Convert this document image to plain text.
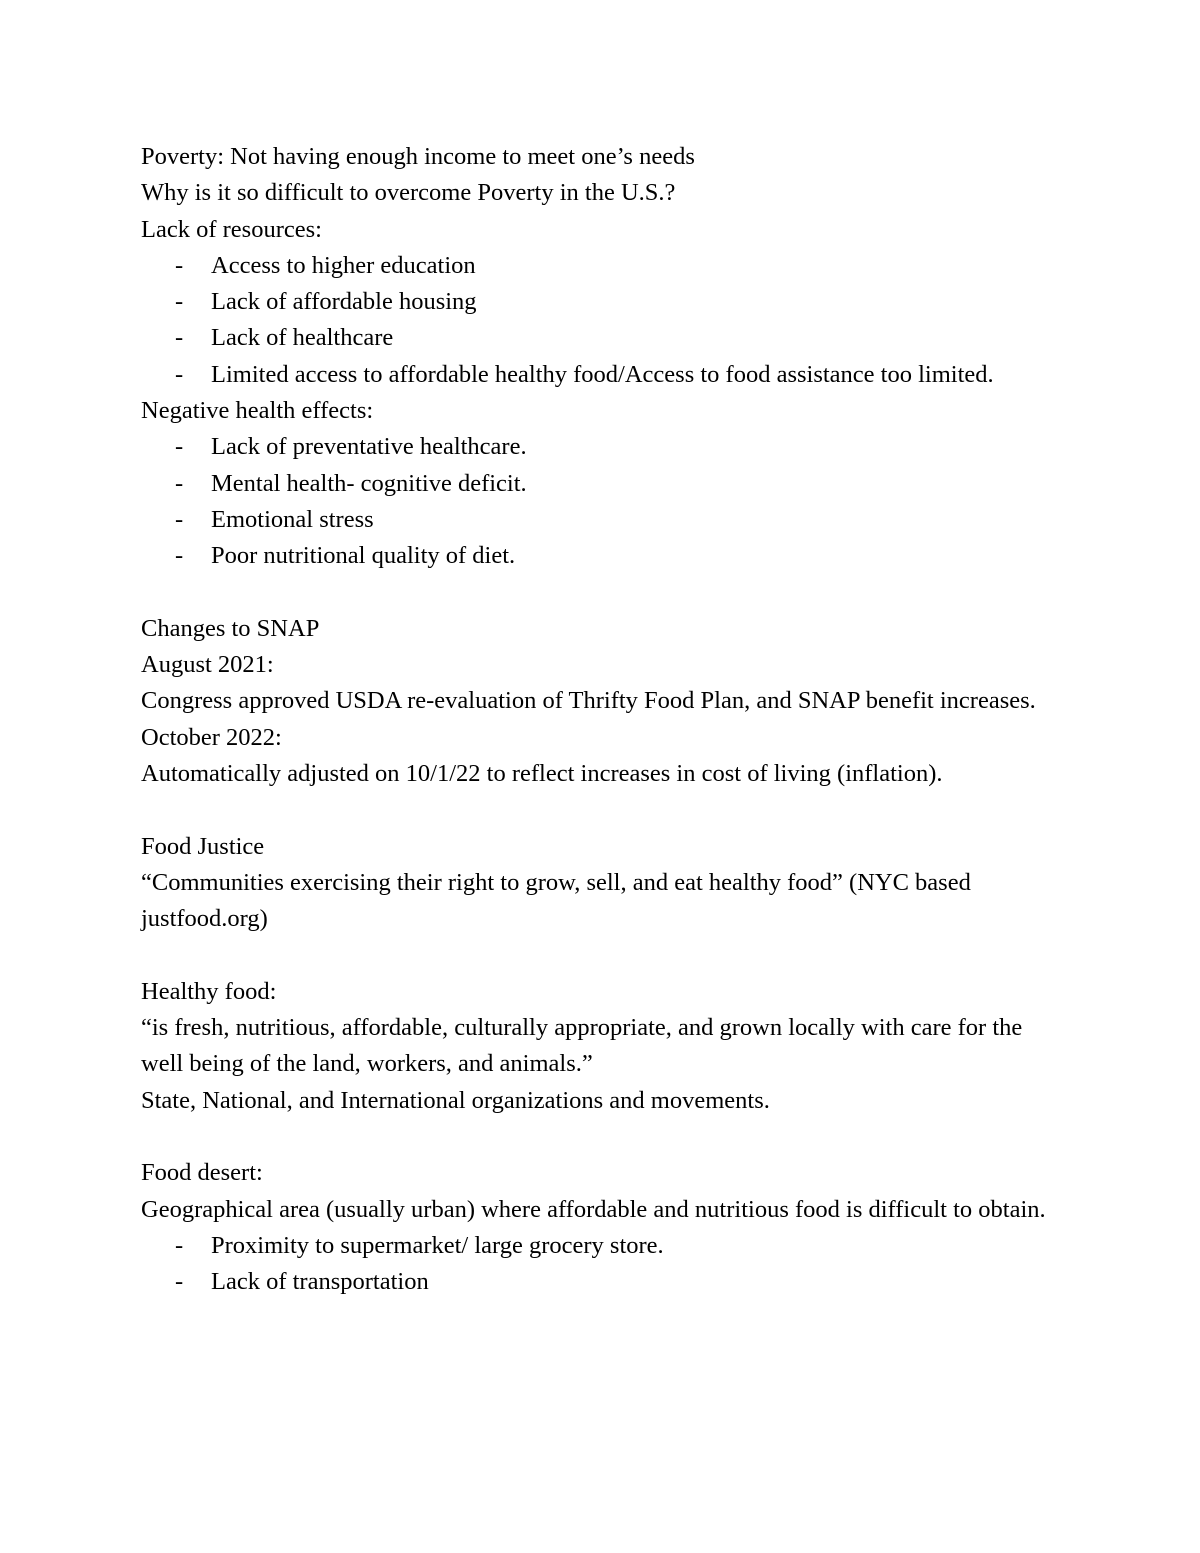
Poverty: Not having enough income to meet one’s needs
Why is it so difficult to overcome Poverty in the U.S.?
Lack of resources:
- Access to higher education
- Lack of affordable housing
- Lack of healthcare
- Limited access to affordable healthy food/Access to food assistance too limited.
Negative health effects:
- Lack of preventative healthcare.
- Mental health- cognitive deficit.
- Emotional stress
- Poor nutritional quality of diet.
Changes to SNAP
August 2021:
Congress approved USDA re-evaluation of Thrifty Food Plan, and SNAP benefit increases.
October 2022:
Automatically adjusted on 10/1/22 to reflect increases in cost of living (inflation).
Food Justice
“Communities exercising their right to grow, sell, and eat healthy food” (NYC based justfood.org)
Healthy food:
“is fresh, nutritious, affordable, culturally appropriate, and grown locally with care for the well being of the land, workers, and animals.”
State, National, and International organizations and movements.
Food desert:
Geographical area (usually urban) where affordable and nutritious food is difficult to obtain.
- Proximity to supermarket/ large grocery store.
- Lack of transportation
